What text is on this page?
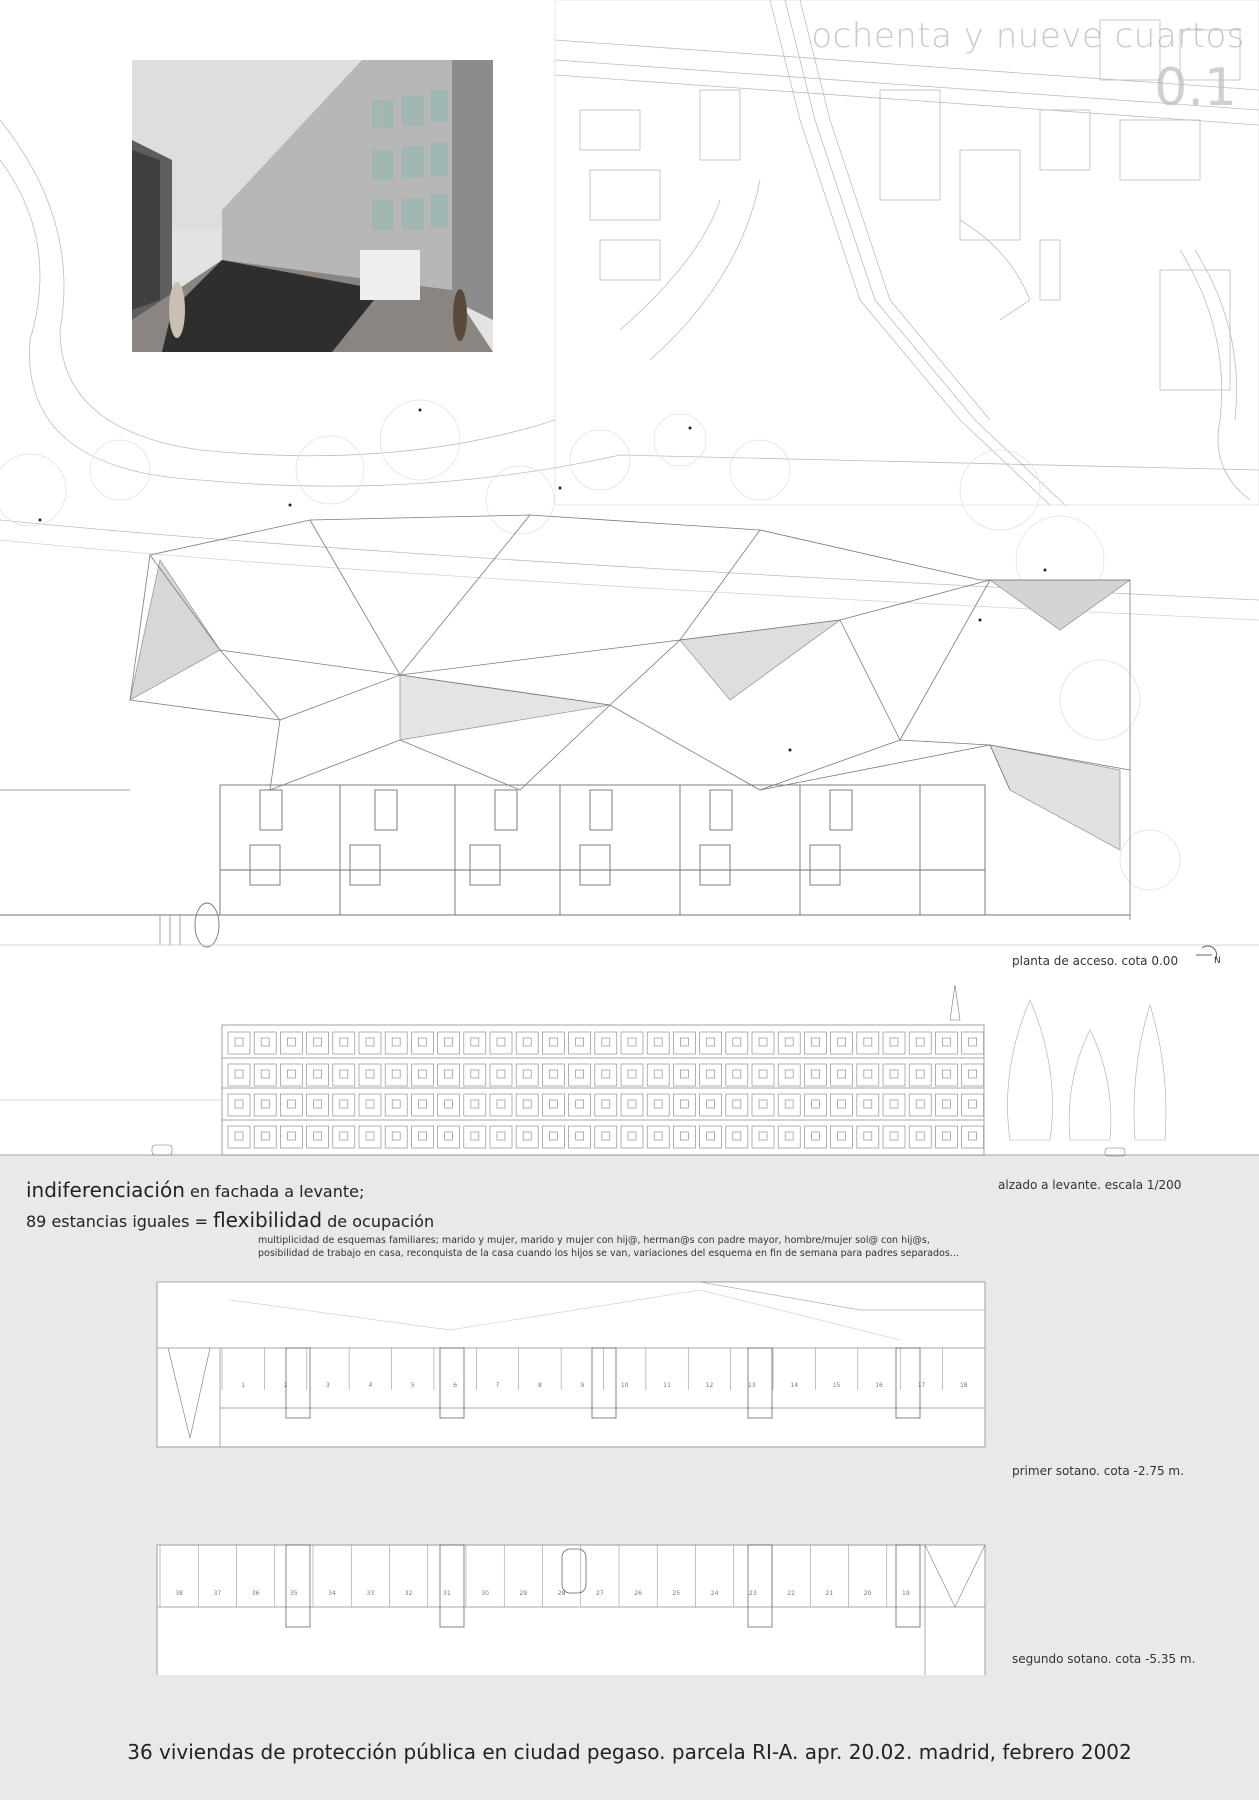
ochenta y nueve cuartos
0.1
planta de acceso. cota 0.00	N
alzado a levante. escala 1/200
indiferenciación en fachada a levante;
89 estancias iguales = flexibilidad de ocupación
multiplicidad de esquemas familiares; marido y mujer, marido y mujer con hij@, herman@s con padre mayor, hombre/mujer sol@ con hij@s,
posibilidad de trabajo en casa, reconquista de la casa cuando los hijos se van, variaciones del esquema en fin de semana para padres separados...
1	2	3	4	5	6	7	8	9	10	11	12	13	14	15	16	17	18
primer sotano. cota -2.75 m.
38	37	36	35	34	33	32	31	30	29	28	27	26	25	24	23	22	21	20	19
segundo sotano. cota -5.35 m.
36 viviendas de protección pública en ciudad pegaso. parcela RI-A. apr. 20.02. madrid, febrero 2002
